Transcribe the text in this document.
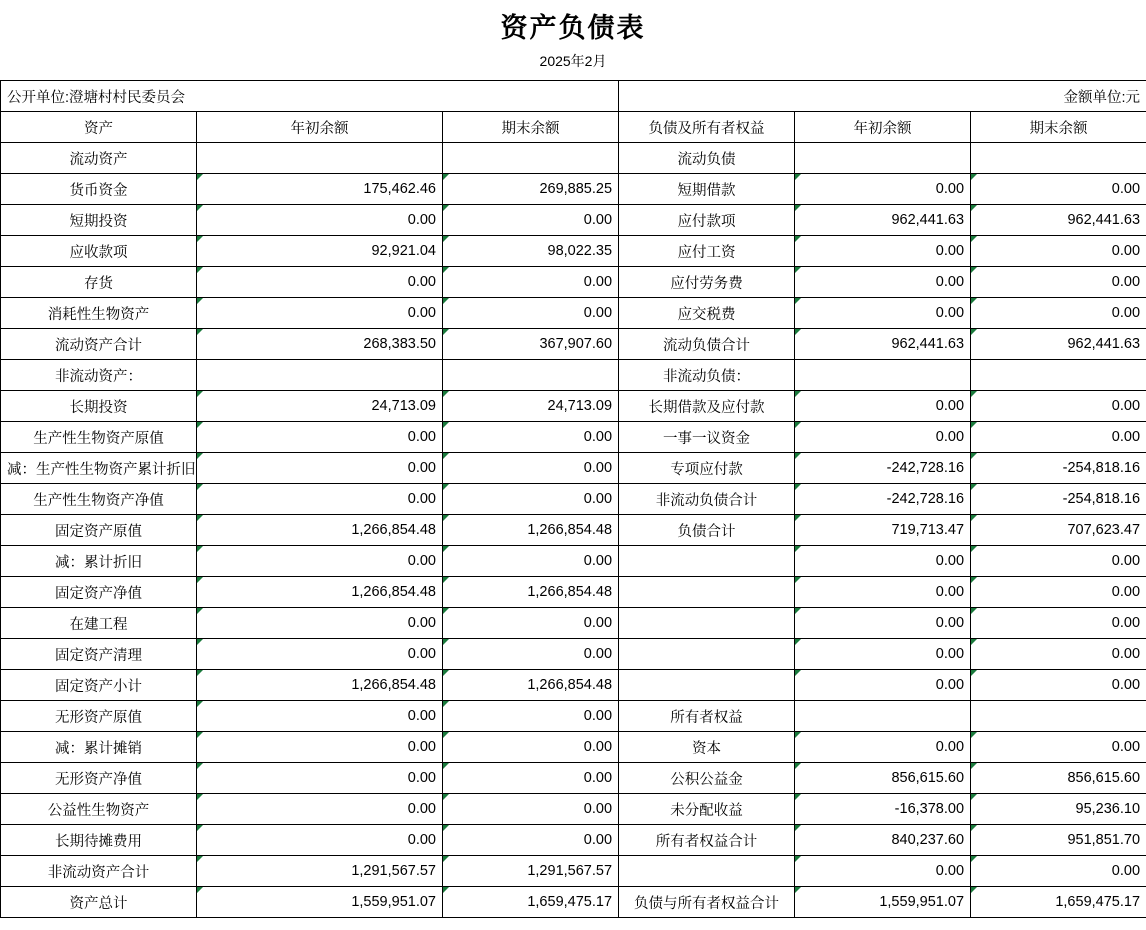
资产负债表
2025年2月
公开单位:澄塘村村民委员会			金额单位:元		
资产	年初余额	期末余额	负债及所有者权益	年初余额	期末余额
流动资产			流动负债		
货币资金	175,462.46	269,885.25	短期借款	0.00	0.00
短期投资	0.00	0.00	应付款项	962,441.63	962,441.63
应收款项	92,921.04	98,022.35	应付工资	0.00	0.00
存货	0.00	0.00	应付劳务费	0.00	0.00
消耗性生物资产	0.00	0.00	应交税费	0.00	0.00
流动资产合计	268,383.50	367,907.60	流动负债合计	962,441.63	962,441.63
非流动资产：			非流动负债：		
长期投资	24,713.09	24,713.09	长期借款及应付款	0.00	0.00
生产性生物资产原值	0.00	0.00	一事一议资金	0.00	0.00
减：生产性生物资产累计折旧	0.00	0.00	专项应付款	-242,728.16	-254,818.16
生产性生物资产净值	0.00	0.00	非流动负债合计	-242,728.16	-254,818.16
固定资产原值	1,266,854.48	1,266,854.48	负债合计	719,713.47	707,623.47
减：累计折旧	0.00	0.00		0.00	0.00
固定资产净值	1,266,854.48	1,266,854.48		0.00	0.00
在建工程	0.00	0.00		0.00	0.00
固定资产清理	0.00	0.00		0.00	0.00
固定资产小计	1,266,854.48	1,266,854.48		0.00	0.00
无形资产原值	0.00	0.00	所有者权益		
减：累计摊销	0.00	0.00	资本	0.00	0.00
无形资产净值	0.00	0.00	公积公益金	856,615.60	856,615.60
公益性生物资产	0.00	0.00	未分配收益	-16,378.00	95,236.10
长期待摊费用	0.00	0.00	所有者权益合计	840,237.60	951,851.70
非流动资产合计	1,291,567.57	1,291,567.57		0.00	0.00
资产总计	1,559,951.07	1,659,475.17	负债与所有者权益合计	1,559,951.07	1,659,475.17
